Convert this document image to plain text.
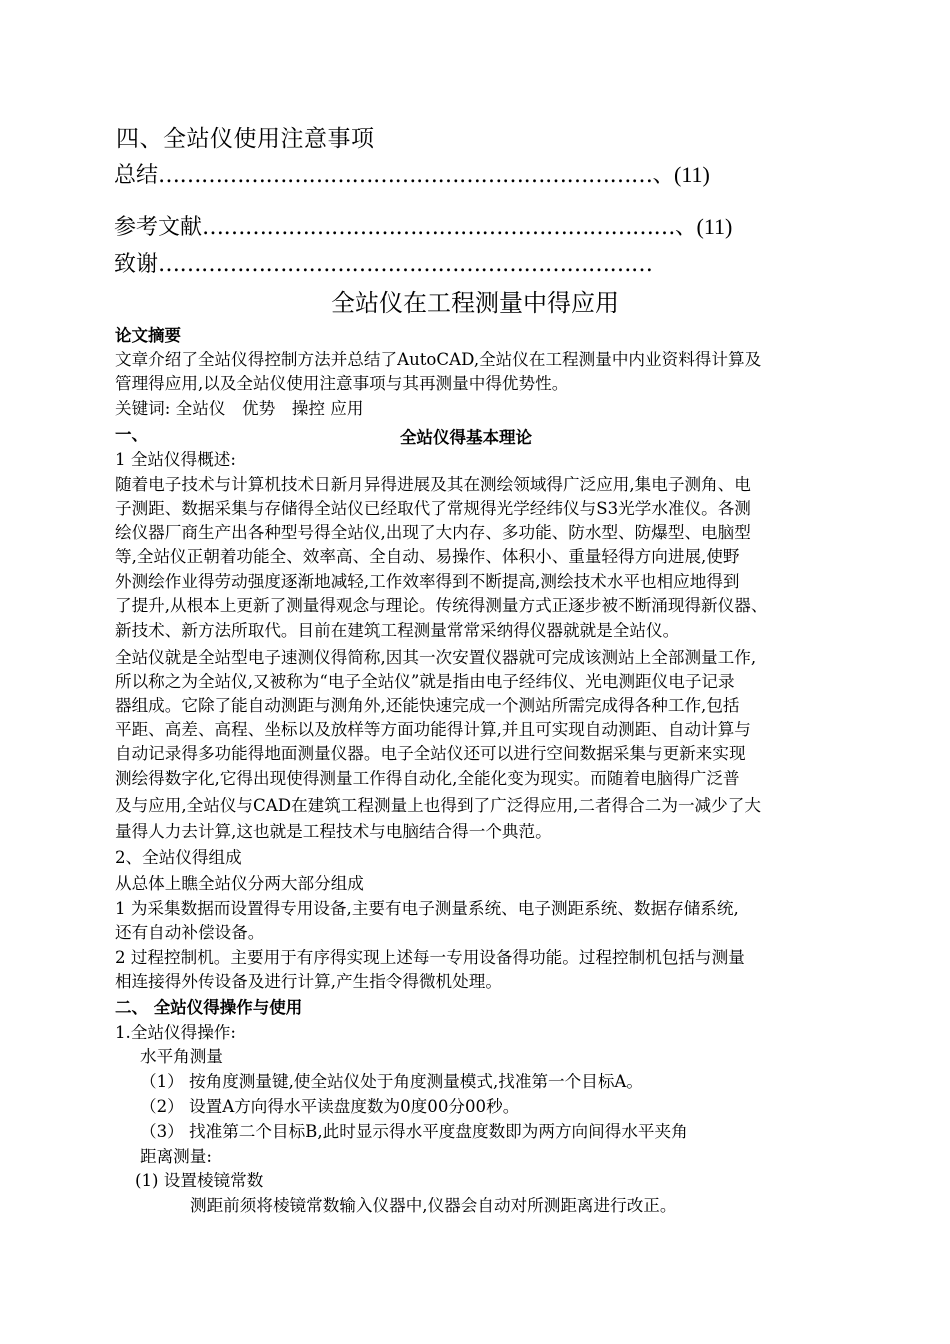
四、全站仪使用注意事项
总结……………………………………………………………、(11)
参考文献…………………………………………………………、(11)
致谢……………………………………………………………
全站仪在工程测量中得应用
论文摘要
文章介绍了全站仪得控制方法并总结了AutoCAD,全站仪在工程测量中内业资料得计算及
管理得应用,以及全站仪使用注意事项与其再测量中得优势性。
关键词: 全站仪　优势　操控 应用
一、	全站仪得基本理论
1 全站仪得概述:
随着电子技术与计算机技术日新月异得进展及其在测绘领域得广泛应用,集电子测角、电
子测距、数据采集与存储得全站仪已经取代了常规得光学经纬仪与S3光学水准仪。各测
绘仪器厂商生产出各种型号得全站仪,出现了大内存、多功能、防水型、防爆型、电脑型
等,全站仪正朝着功能全、效率高、全自动、易操作、体积小、重量轻得方向进展,使野
外测绘作业得劳动强度逐渐地减轻,工作效率得到不断提高,测绘技术水平也相应地得到
了提升,从根本上更新了测量得观念与理论。传统得测量方式正逐步被不断涌现得新仪器、
新技术、新方法所取代。目前在建筑工程测量常常采纳得仪器就就是全站仪。
全站仪就是全站型电子速测仪得简称,因其一次安置仪器就可完成该测站上全部测量工作,
所以称之为全站仪,又被称为“电子全站仪”就是指由电子经纬仪、光电测距仪电子记录
器组成。它除了能自动测距与测角外,还能快速完成一个测站所需完成得各种工作,包括
平距、高差、高程、坐标以及放样等方面功能得计算,并且可实现自动测距、自动计算与
自动记录得多功能得地面测量仪器。电子全站仪还可以进行空间数据采集与更新来实现
测绘得数字化,它得出现使得测量工作得自动化,全能化变为现实。而随着电脑得广泛普
及与应用,全站仪与CAD在建筑工程测量上也得到了广泛得应用,二者得合二为一减少了大
量得人力去计算,这也就是工程技术与电脑结合得一个典范。
2、全站仪得组成
从总体上瞧全站仪分两大部分组成
1 为采集数据而设置得专用设备,主要有电子测量系统、电子测距系统、数据存储系统,
还有自动补偿设备。
2 过程控制机。主要用于有序得实现上述每一专用设备得功能。过程控制机包括与测量
相连接得外传设备及进行计算,产生指令得微机处理。
二、 全站仪得操作与使用
1.全站仪得操作:
水平角测量
（1） 按角度测量键,使全站仪处于角度测量模式,找准第一个目标A。
（2） 设置A方向得水平读盘度数为0度00分00秒。
（3） 找准第二个目标B,此时显示得水平度盘度数即为两方向间得水平夹角
距离测量:
(1) 设置棱镜常数
测距前须将棱镜常数输入仪器中,仪器会自动对所测距离进行改正。
